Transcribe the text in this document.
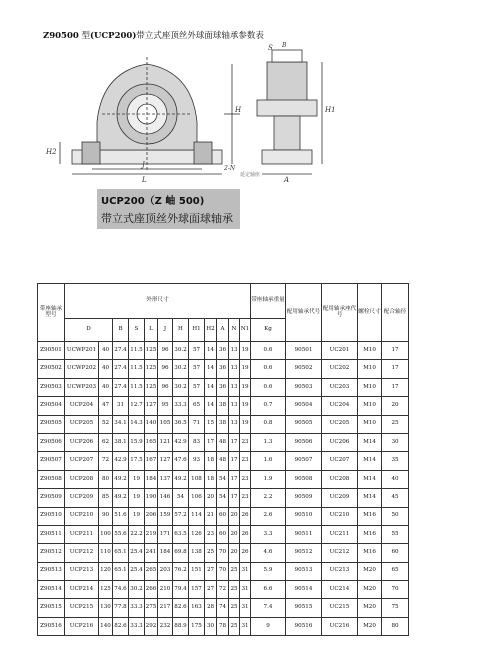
Z90500 型(UCP200)带立式座顶丝外球面球轴承参数表
H2
H	H1
J
L
S
A
2-N
B
延定轴座
UCP200（Z 岫 500)
带立式座顶丝外球面球轴承
带座轴承型号	外形尺寸												带座轴承重量	配用轴承代号	配用轴承座代号	螺栓尺寸	配合轴径
	D		B	S	L	J	H	H1	H2	A	N	N1	Kg				
Z90501	UCWP201	40	27.4	11.5	125	96	30.2	57	14	36	13	19	0.6	90501	UC201	M10	17
Z90502	UCWP202	40	27.4	11.5	125	96	30.2	57	14	36	13	19	0.6	90502	UC202	M10	17
Z90503	UCWP203	40	27.4	11.5	125	96	30.2	57	14	36	13	19	0.6	90503	UC203	M10	17
Z90504	UCP204	47	31	12.7	127	95	33.3	65	14	38	13	19	0.7	90504	UC204	M10	20
Z90505	UCP205	52	34.1	14.3	140	105	36.5	71	15	38	13	19	0.8	90505	UC205	M10	25
Z90506	UCP206	62	38.1	15.9	165	121	42.9	83	17	48	17	23	1.3	90506	UC206	M14	30
Z90507	UCP207	72	42.9	17.5	167	127	47.6	93	18	48	17	23	1.6	90507	UC207	M14	35
Z90508	UCP208	80	49.2	19	184	137	49.2	108	18	54	17	23	1.9	90508	UC208	M14	40
Z90509	UCP209	85	49.2	19	190	146	54	106	20	54	17	23	2.2	90509	UC209	M14	45
Z90510	UCP210	90	51.6	19	206	159	57.2	114	21	60	20	26	2.6	90510	UC210	M16	50
Z90511	UCP211	100	55.6	22.2	219	171	63.5	126	23	60	20	26	3.3	90511	UC211	M16	55
Z90512	UCP212	110	65.1	25.4	241	184	69.8	138	25	70	20	26	4.6	90512	UC212	M16	60
Z90513	UCP213	120	65.1	25.4	265	203	76.2	151	27	70	25	31	5.9	90513	UC213	M20	65
Z90514	UCP214	125	74.6	30.2	266	210	79.4	157	27	72	25	31	6.6	90514	UC214	M20	70
Z90515	UCP215	130	77.8	33.3	275	217	82.6	163	28	74	25	31	7.4	90515	UC215	M20	75
Z90516	UCP216	140	82.6	33.3	292	232	88.9	175	30	78	25	31	9	90516	UC216	M20	80
